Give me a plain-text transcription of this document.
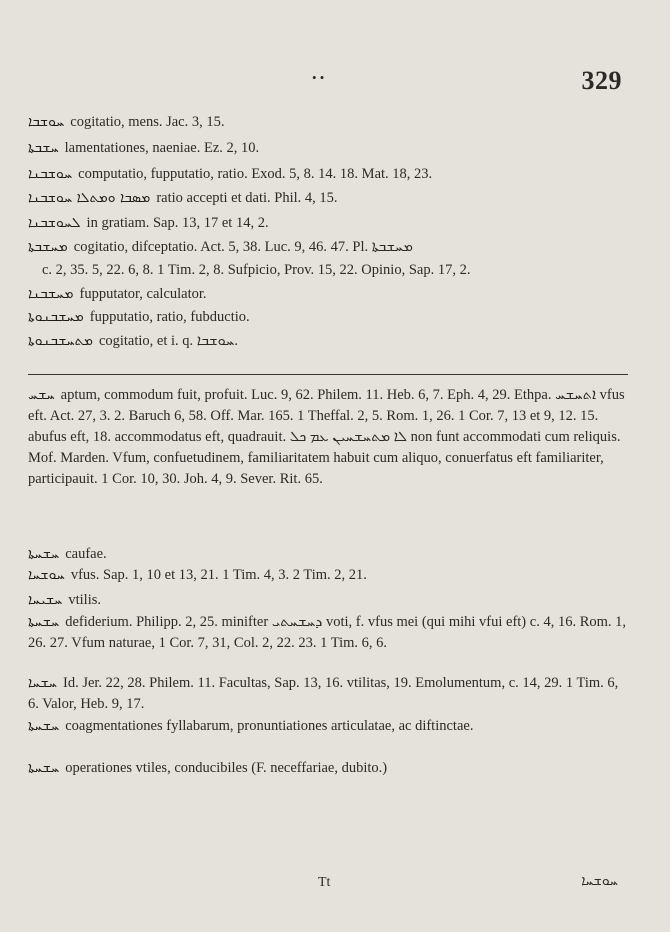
• •	329
ܚܘܫܒܐ cogitatio, mens. Jac. 3, 15.
ܚܫܒܬܐ lamentationes, naeniae. Ez. 2, 10.
ܚܘܫܒܢܐ computatio, fupputatio, ratio. Exod. 5, 8. 14. 18. Mat. 18, 23.
ܡܣܒܐ ܘܡܬܠܐ ܚܘܫܒܢܐ ratio accepti et dati. Phil. 4, 15.
ܠܚܘܫܒܢܐ in gratiam. Sap. 13, 17 et 14, 2.
ܡܚܫܒܬܐ cogitatio, difceptatio. Act. 5, 38. Luc. 9, 46. 47. Pl. ܡܚܫܒܬܐ
c. 2, 35. 5, 22. 6, 8. 1 Tim. 2, 8. Sufpicio, Prov. 15, 22. Opinio, Sap. 17, 2.
ܡܚܫܒܢܐ fupputator, calculator.
ܡܚܫܒܢܘܬܐ fupputatio, ratio, fubductio.
ܡܬܚܫܒܢܘܬܐ cogitatio, et i. q. ܚܘܫܒܐ.
ܚܫܚ aptum, commodum fuit, profuit. Luc. 9, 62. Philem. 11. Heb. 6, 7. Eph. 4, 29. Ethpa. ܐܬܚܫܚ vfus eft. Act. 27, 3. 2. Baruch 6, 58. Off. Mar. 165. 1 Theffal. 2, 5. Rom. 1, 26. 1 Cor. 7, 13 et 9, 12. 15. abufus eft, 18. accommodatus eft, quadrauit. ܠܐ ܡܬܚܫܚܝܢ ܥܡ ܟܠ non funt accommodati cum reliquis. Mof. Marden. Vfum, confuetudinem, familiaritatem habuit cum aliquo, conuerfatus eft familiariter, participauit. 1 Cor. 10, 30. Joh. 4, 9. Sever. Rit. 65.
ܚܫܚܬܐ caufae.
ܚܘܫܚܐ vfus. Sap. 1, 10 et 13, 21. 1 Tim. 4, 3. 2 Tim. 2, 21.
ܚܫܝܚܐ vtilis.
ܚܫܚܬܐ defiderium. Philipp. 2, 25. minifter ܕܚܫܚܬܝ voti, f. vfus mei (qui mihi vfui eft) c. 4, 16. Rom. 1, 26. 27. Vfum naturae, 1 Cor. 7, 31, Col. 2, 22. 23. 1 Tim. 6, 6.
ܚܫܚܐ Id. Jer. 22, 28. Philem. 11. Facultas, Sap. 13, 16. vtilitas, 19. Emolumentum, c. 14, 29. 1 Tim. 6, 6. Valor, Heb. 9, 17.
ܚܫܚܬܐ coagmentationes fyllabarum, pronuntiationes articulatae, ac diftinctae.
ܚܫܚܬܐ operationes vtiles, conducibiles (F. neceffariae, dubito.)
Tt	ܚܘܫܚܐ
